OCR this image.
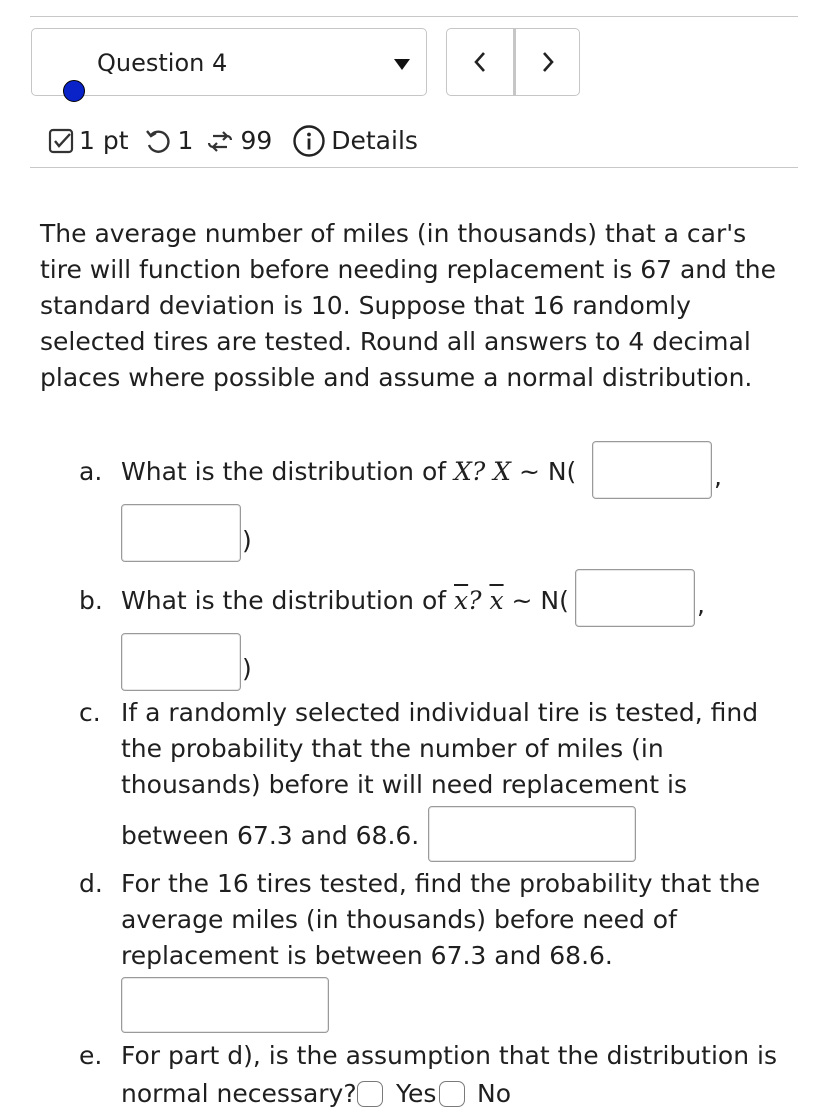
Question 4
1 pt 1 99 Details
The average number of miles (in thousands) that a car's
tire will function before needing replacement is 67 and the
standard deviation is 10. Suppose that 16 randomly
selected tires are tested. Round all answers to 4 decimal
places where possible and assume a normal distribution.
a. What is the distribution of X? X ~ N(	,
)
b. What is the distribution of $\overline{x}$? $\overline{x}$ ~ N(	,
)
c. If a randomly selected individual tire is tested, find
the probability that the number of miles (in
thousands) before it will need replacement is
between 67.3 and 68.6.
d. For the 16 tires tested, find the probability that the
average miles (in thousands) before need of
replacement is between 67.3 and 68.6.
e. For part d), is the assumption that the distribution is
normal necessary? Yes No
